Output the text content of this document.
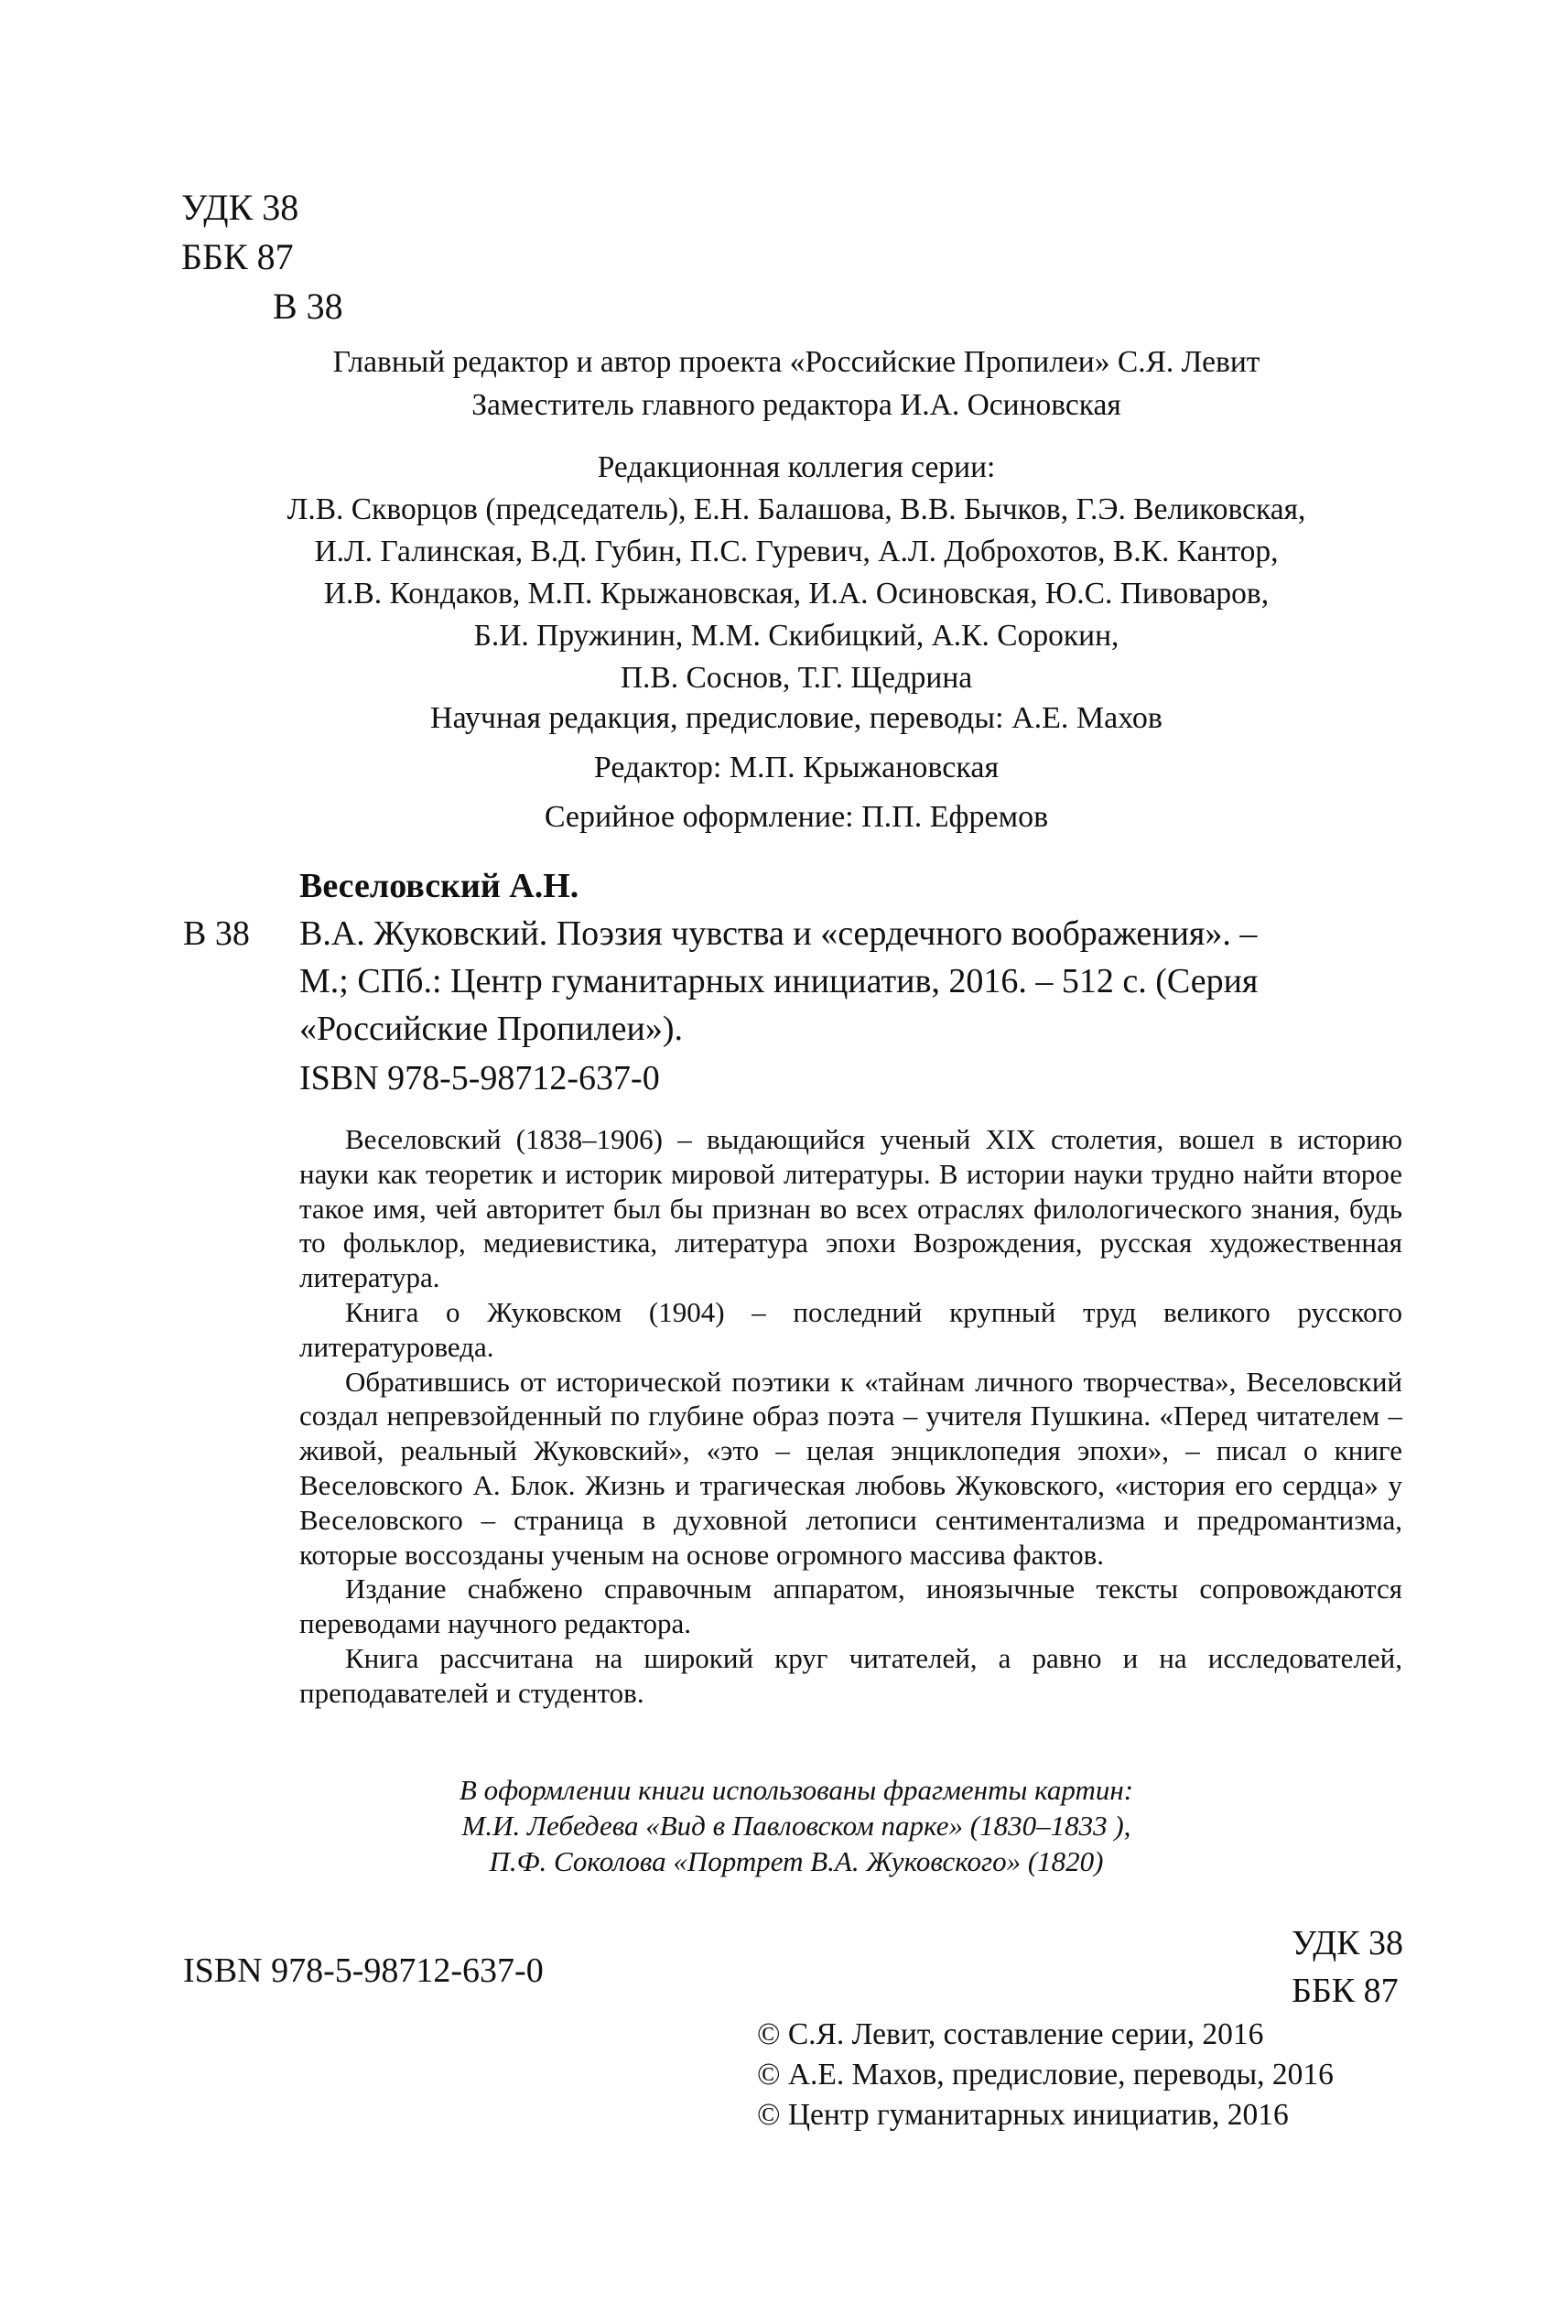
УДК 38
ББК 87
В 38
Главный редактор и автор проекта «Российские Пропилеи» С.Я. Левит
Заместитель главного редактора И.А. Осиновская
Редакционная коллегия серии:
Л.В. Скворцов (председатель), Е.Н. Балашова, В.В. Бычков, Г.Э. Великовская,
И.Л. Галинская, В.Д. Губин, П.С. Гуревич, А.Л. Доброхотов, В.К. Кантор,
И.В. Кондаков, М.П. Крыжановская, И.А. Осиновская, Ю.С. Пивоваров,
Б.И. Пружинин, М.М. Скибицкий, А.К. Сорокин,
П.В. Соснов, Т.Г. Щедрина
Научная редакция, предисловие, переводы: А.Е. Махов
Редактор: М.П. Крыжановская
Серийное оформление: П.П. Ефремов
Веселовский А.Н.
В 38	В.А. Жуковский. Поэзия чувства и «сердечного воображения». –
М.; СПб.: Центр гуманитарных инициатив, 2016. – 512 с. (Серия
«Российские Пропилеи»).
ISBN 978-5-98712-637-0

Веселовский (1838–1906) – выдающийся ученый XIX столетия, вошел в историю науки как теоретик и историк мировой литературы. В истории науки трудно найти второе такое имя, чей авторитет был бы признан во всех отраслях филологического знания, будь то фольклор, медиевистика, литература эпохи Возрождения, русская художественная литература.

Книга о Жуковском (1904) – последний крупный труд великого русского литературоведа.

Обратившись от исторической поэтики к «тайнам личного творчества», Веселовский создал непревзойденный по глубине образ поэта – учителя Пушкина. «Перед читателем – живой, реальный Жуковский», «это – целая энциклопедия эпохи», – писал о книге Веселовского А. Блок. Жизнь и трагическая любовь Жуковского, «история его сердца» у Веселовского – страница в духовной летописи сентиментализма и предромантизма, которые воссозданы ученым на основе огромного массива фактов.

Издание снабжено справочным аппаратом, иноязычные тексты сопровождаются переводами научного редактора.

Книга рассчитана на широкий круг читателей, а равно и на исследователей, преподавателей и студентов.

В оформлении книги использованы фрагменты картин:
М.И. Лебедева «Вид в Павловском парке» (1830–1833 ),
П.Ф. Соколова «Портрет В.А. Жуковского» (1820)
ISBN 978-5-98712-637-0
УДК 38
ББК 87
© С.Я. Левит, составление серии, 2016
© А.Е. Махов, предисловие, переводы, 2016
© Центр гуманитарных инициатив, 2016
